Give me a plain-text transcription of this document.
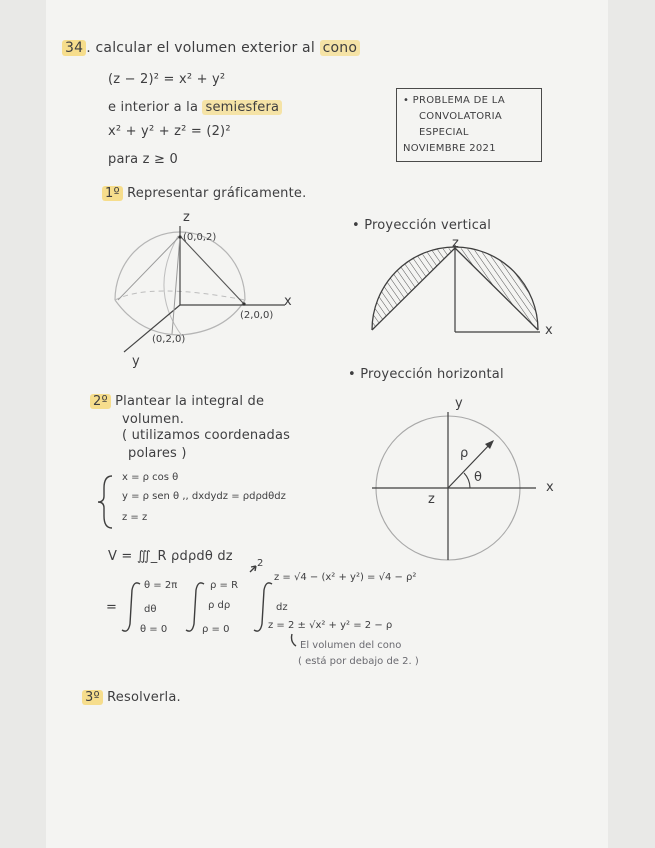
34 . calcular el volumen exterior al cono
(z − 2)² = x² + y²
e interior a la semiesfera
x² + y² + z² = (2)²
para z ≥ 0
• PROBLEMA DE LA
CONVOLATORIA
ESPECIAL
NOVIEMBRE 2021
1º Representar gráficamente.
z
(0,0,2)
x
(2,0,0)
(0,2,0)
y
• Proyección vertical
z
x
• Proyección horizontal
y
ρ
θ
x
z
2º Plantear la integral de
volumen.
( utilizamos coordenadas
polares )
x = ρ cos θ
y = ρ sen θ ,, dxdydz = ρdρdθdz
z = z
V = ∭_R ρdρdθ dz 2
=
θ = 2π
dθ
θ = 0
ρ = R
ρ dρ
ρ = 0
z = √4 − (x² + y²) = √4 − ρ²
dz
z = 2 ± √x² + y² = 2 − ρ
El volumen del cono
( está por debajo de 2. )
3º Resolverla.
